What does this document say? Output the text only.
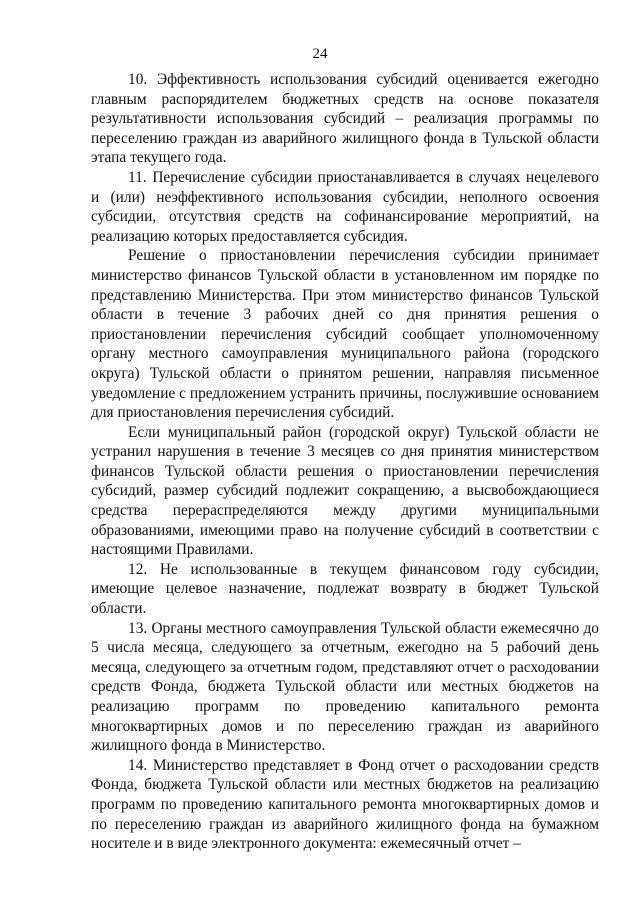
24

10. Эффективность использования субсидий оценивается ежегодно главным распорядителем бюджетных средств на основе показателя результативности использования субсидий – реализация программы по переселению граждан из аварийного жилищного фонда в Тульской области этапа текущего года.

11. Перечисление субсидии приостанавливается в случаях нецелевого и (или) неэффективного использования субсидии, неполного освоения субсидии, отсутствия средств на софинансирование мероприятий, на реализацию которых предоставляется субсидия.

Решение о приостановлении перечисления субсидии принимает министерство финансов Тульской области в установленном им порядке по представлению Министерства. При этом министерство финансов Тульской области в течение 3 рабочих дней со дня принятия решения о приостановлении перечисления субсидий сообщает уполномоченному органу местного самоуправления муниципального района (городского округа) Тульской области о принятом решении, направляя письменное уведомление с предложением устранить причины, послужившие основанием для приостановления перечисления субсидий.

Если муниципальный район (городской округ) Тульской области не устранил нарушения в течение 3 месяцев со дня принятия министерством финансов Тульской области решения о приостановлении перечисления субсидий, размер субсидий подлежит сокращению, а высвобождающиеся средства перераспределяются между другими муниципальными образованиями, имеющими право на получение субсидий в соответствии с настоящими Правилами.

12. Не использованные в текущем финансовом году субсидии, имеющие целевое назначение, подлежат возврату в бюджет Тульской области.

13. Органы местного самоуправления Тульской области ежемесячно до 5 числа месяца, следующего за отчетным, ежегодно на 5 рабочий день месяца, следующего за отчетным годом, представляют отчет о расходовании средств Фонда, бюджета Тульской области или местных бюджетов на реализацию программ по проведению капитального ремонта многоквартирных домов и по переселению граждан из аварийного жилищного фонда в Министерство.

14. Министерство представляет в Фонд отчет о расходовании средств Фонда, бюджета Тульской области или местных бюджетов на реализацию программ по проведению капитального ремонта многоквартирных домов и по переселению граждан из аварийного жилищного фонда на бумажном носителе и в виде электронного документа: ежемесячный отчет –
